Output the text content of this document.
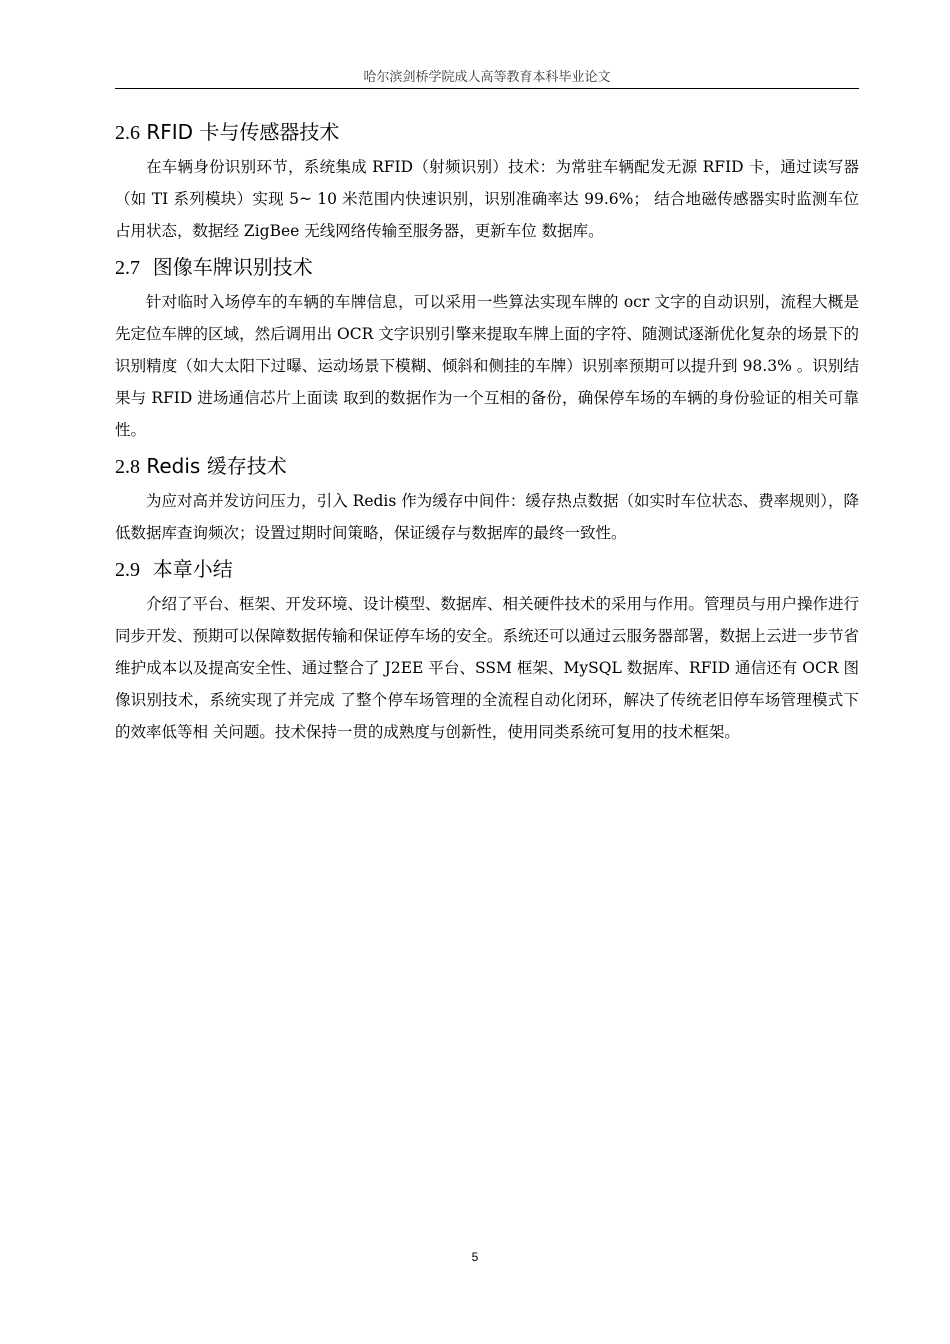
哈尔滨剑桥学院成人高等教育本科毕业论文
2.6 RFID 卡与传感器技术

在车辆身份识别环节，系统集成 RFID（射频识别）技术：为常驻车辆配发无源 RFID 卡，通过读写器（如 TI 系列模块）实现 5~ 10 米范围内快速识别，识别准确率达 99.6%； 结合地磁传感器实时监测车位占用状态，数据经 ZigBee 无线网络传输至服务器，更新车位 数据库。

2.7 图像车牌识别技术

针对临时入场停车的车辆的车牌信息，可以采用一些算法实现车牌的 ocr 文字的自动识别，流程大概是先定位车牌的区域，然后调用出 OCR 文字识别引擎来提取车牌上面的字符、随测试逐渐优化复杂的场景下的识别精度（如大太阳下过曝、运动场景下模糊、倾斜和侧挂的车牌）识别率预期可以提升到 98.3% 。识别结果与 RFID 进场通信芯片上面读 取到的数据作为一个互相的备份，确保停车场的车辆的身份验证的相关可靠性。

2.8 Redis 缓存技术

为应对高并发访问压力，引入 Redis 作为缓存中间件：缓存热点数据（如实时车位状态、费率规则），降低数据库查询频次；设置过期时间策略，保证缓存与数据库的最终一致性。

2.9 本章小结

介绍了平台、框架、开发环境、设计模型、数据库、相关硬件技术的采用与作用。管理员与用户操作进行同步开发、预期可以保障数据传输和保证停车场的安全。系统还可以通过云服务器部署，数据上云进一步节省维护成本以及提高安全性、通过整合了 J2EE 平台、SSM 框架、MySQL 数据库、RFID 通信还有 OCR 图像识别技术，系统实现了并完成 了整个停车场管理的全流程自动化闭环，解决了传统老旧停车场管理模式下的效率低等相 关问题。技术保持一贯的成熟度与创新性，使用同类系统可复用的技术框架。

5
